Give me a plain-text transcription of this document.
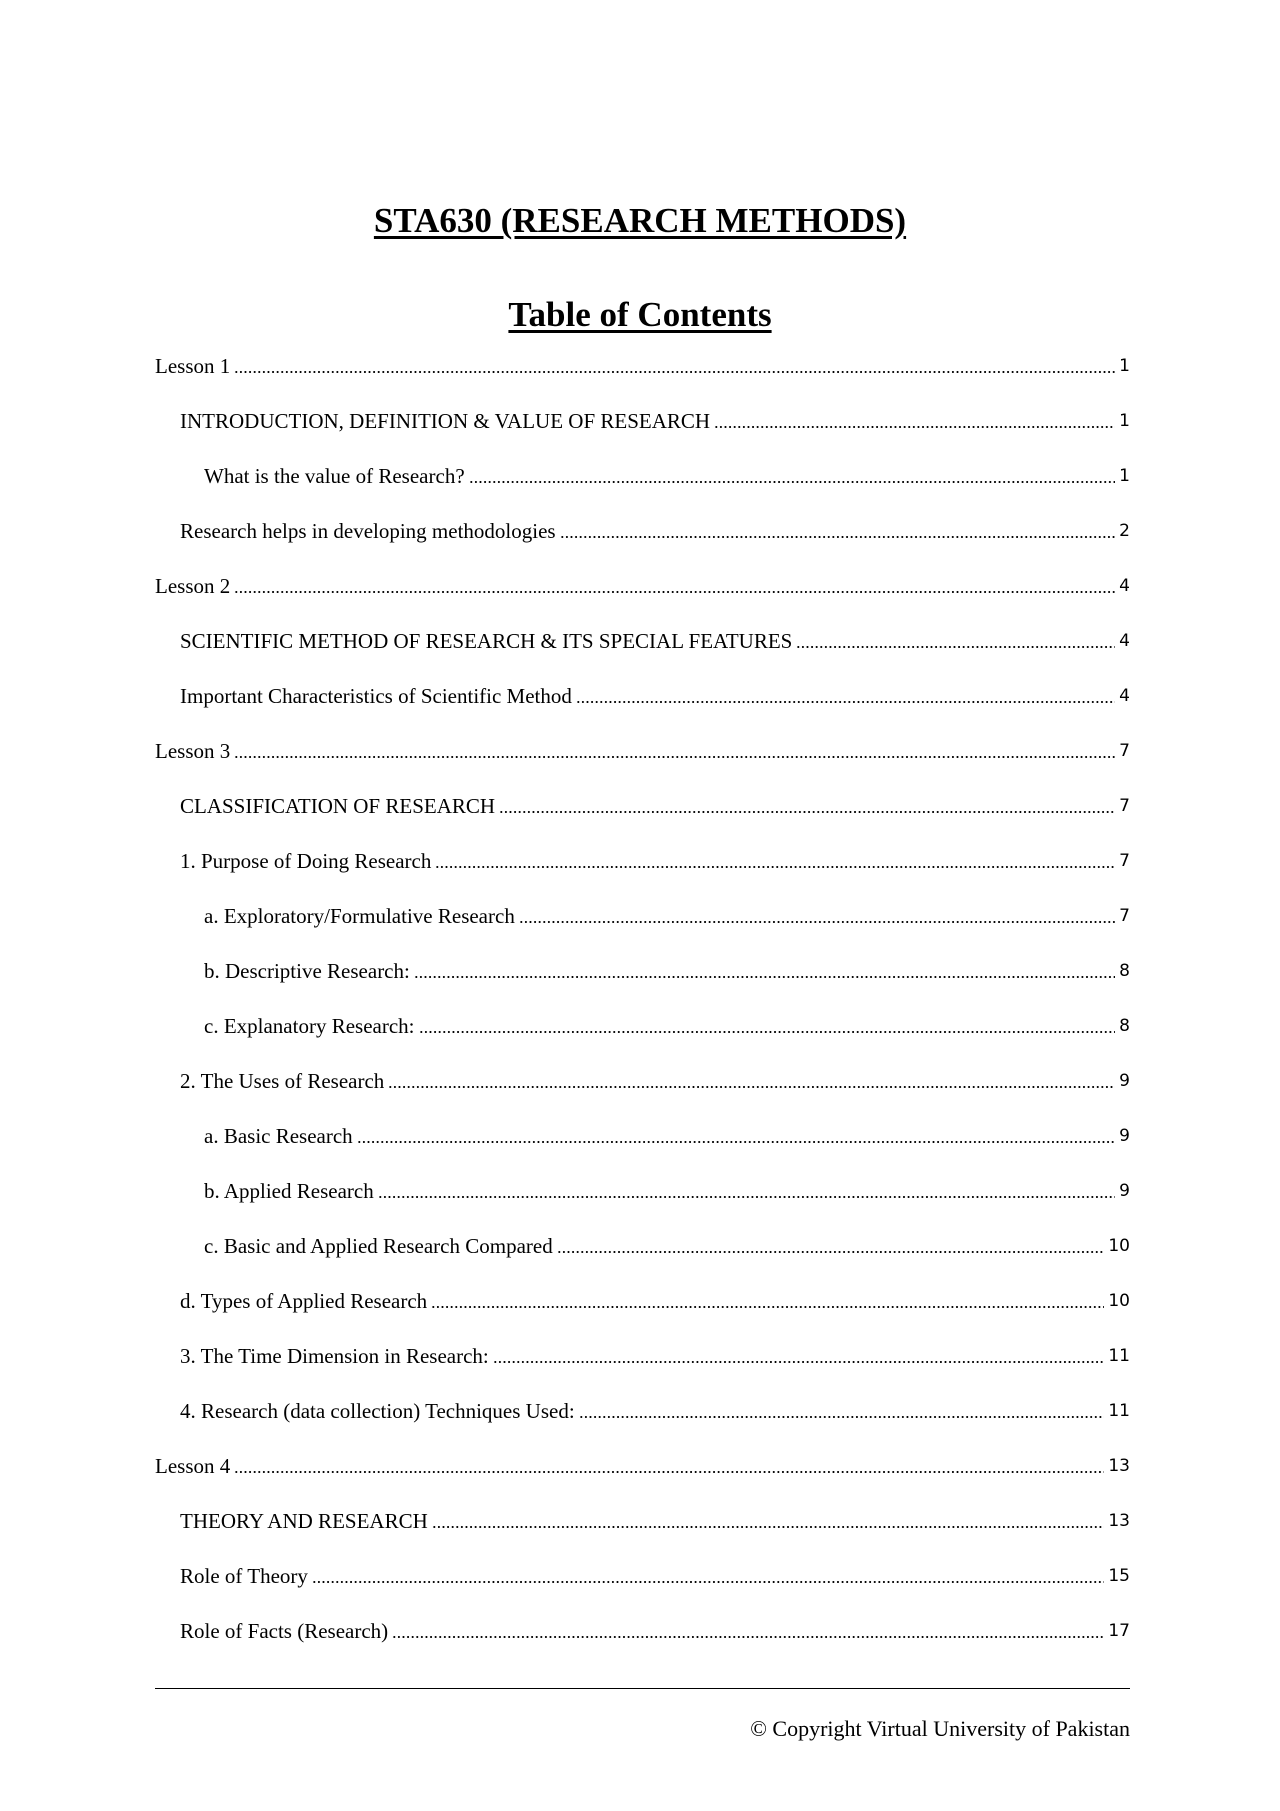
STA630 (RESEARCH METHODS)
Table of Contents
Lesson 1	1
INTRODUCTION, DEFINITION & VALUE OF RESEARCH	1
What is the value of Research?	1
Research helps in developing methodologies	2
Lesson 2	4
SCIENTIFIC METHOD OF RESEARCH & ITS SPECIAL FEATURES	4
Important Characteristics of Scientific Method	4
Lesson 3	7
CLASSIFICATION OF RESEARCH	7
1. Purpose of Doing Research	7
a. Exploratory/Formulative Research	7
b. Descriptive Research:	8
c. Explanatory Research:	8
2. The Uses of Research	9
a. Basic Research	9
b. Applied Research	9
c. Basic and Applied Research Compared	10
d. Types of Applied Research	10
3. The Time Dimension in Research:	11
4. Research (data collection) Techniques Used:	11
Lesson 4	13
THEORY AND RESEARCH	13
Role of Theory	15
Role of Facts (Research)	17
© Copyright Virtual University of Pakistan
